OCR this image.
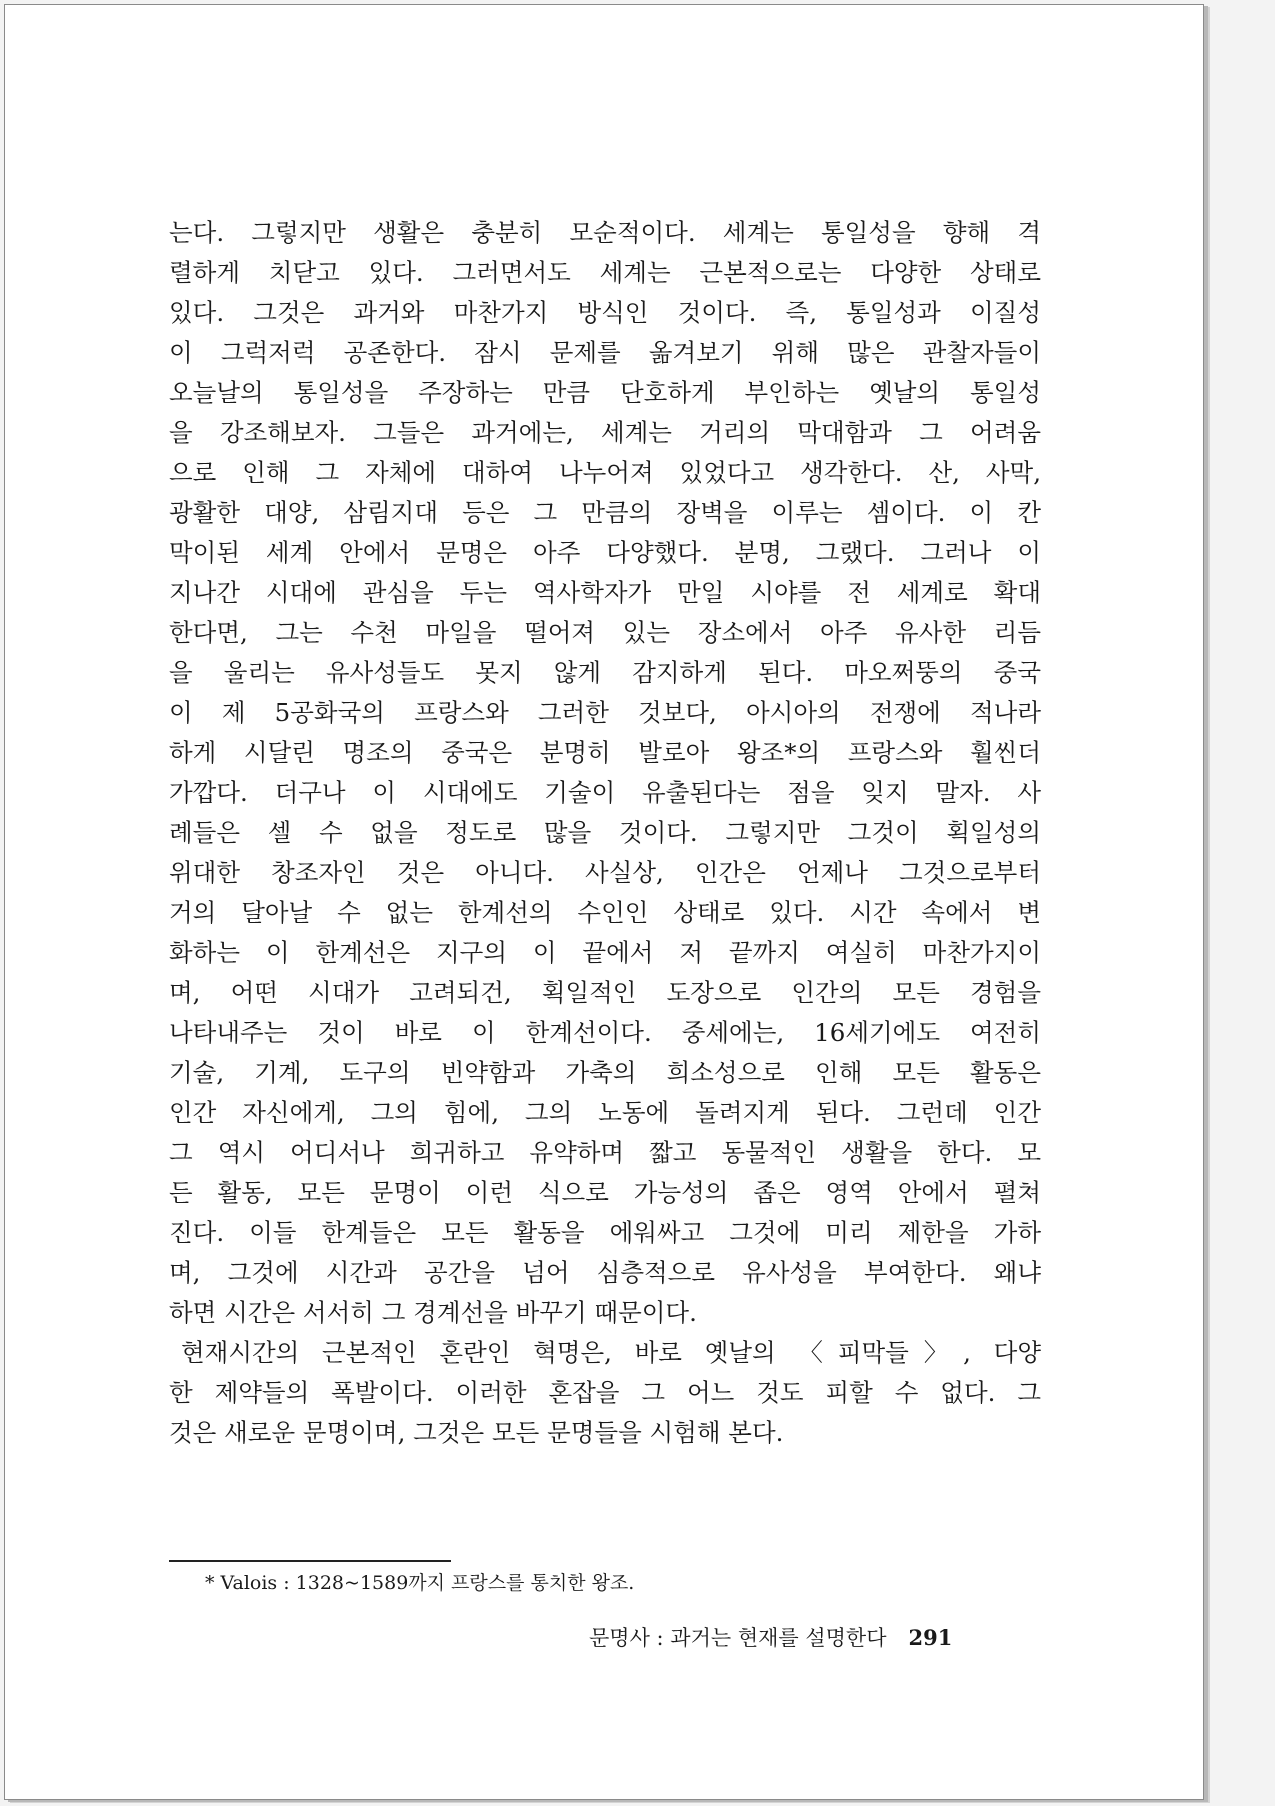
는다. 그렇지만 생활은 충분히 모순적이다. 세계는 통일성을 향해 격
렬하게 치닫고 있다. 그러면서도 세계는 근본적으로는 다양한 상태로
있다. 그것은 과거와 마찬가지 방식인 것이다. 즉, 통일성과 이질성
이 그럭저럭 공존한다. 잠시 문제를 옮겨보기 위해 많은 관찰자들이
오늘날의 통일성을 주장하는 만큼 단호하게 부인하는 옛날의 통일성
을 강조해보자. 그들은 과거에는, 세계는 거리의 막대함과 그 어려움
으로 인해 그 자체에 대하여 나누어져 있었다고 생각한다. 산, 사막,
광활한 대양, 삼림지대 등은 그 만큼의 장벽을 이루는 셈이다. 이 칸
막이된 세계 안에서 문명은 아주 다양했다. 분명, 그랬다. 그러나 이
지나간 시대에 관심을 두는 역사학자가 만일 시야를 전 세계로 확대
한다면, 그는 수천 마일을 떨어져 있는 장소에서 아주 유사한 리듬
을 울리는 유사성들도 못지 않게 감지하게 된다. 마오쩌뚱의 중국
이 제 5공화국의 프랑스와 그러한 것보다, 아시아의 전쟁에 적나라
하게 시달린 명조의 중국은 분명히 발로아 왕조*의 프랑스와 훨씬더
가깝다. 더구나 이 시대에도 기술이 유출된다는 점을 잊지 말자. 사
례들은 셀 수 없을 정도로 많을 것이다. 그렇지만 그것이 획일성의
위대한 창조자인 것은 아니다. 사실상, 인간은 언제나 그것으로부터
거의 달아날 수 없는 한계선의 수인인 상태로 있다. 시간 속에서 변
화하는 이 한계선은 지구의 이 끝에서 저 끝까지 여실히 마찬가지이
며, 어떤 시대가 고려되건, 획일적인 도장으로 인간의 모든 경험을
나타내주는 것이 바로 이 한계선이다. 중세에는, 16세기에도 여전히
기술, 기계, 도구의 빈약함과 가축의 희소성으로 인해 모든 활동은
인간 자신에게, 그의 힘에, 그의 노동에 돌려지게 된다. 그런데 인간
그 역시 어디서나 희귀하고 유약하며 짧고 동물적인 생활을 한다. 모
든 활동, 모든 문명이 이런 식으로 가능성의 좁은 영역 안에서 펼쳐
진다. 이들 한계들은 모든 활동을 에워싸고 그것에 미리 제한을 가하
며, 그것에 시간과 공간을 넘어 심층적으로 유사성을 부여한다. 왜냐
하면 시간은 서서히 그 경계선을 바꾸기 때문이다.
현재시간의 근본적인 혼란인 혁명은, 바로 옛날의 〈피막들〉, 다양
한 제약들의 폭발이다. 이러한 혼잡을 그 어느 것도 피할 수 없다. 그
것은 새로운 문명이며, 그것은 모든 문명들을 시험해 본다.
* Valois : 1328~1589까지 프랑스를 통치한 왕조.
문명사 : 과거는 현재를 설명한다 291
